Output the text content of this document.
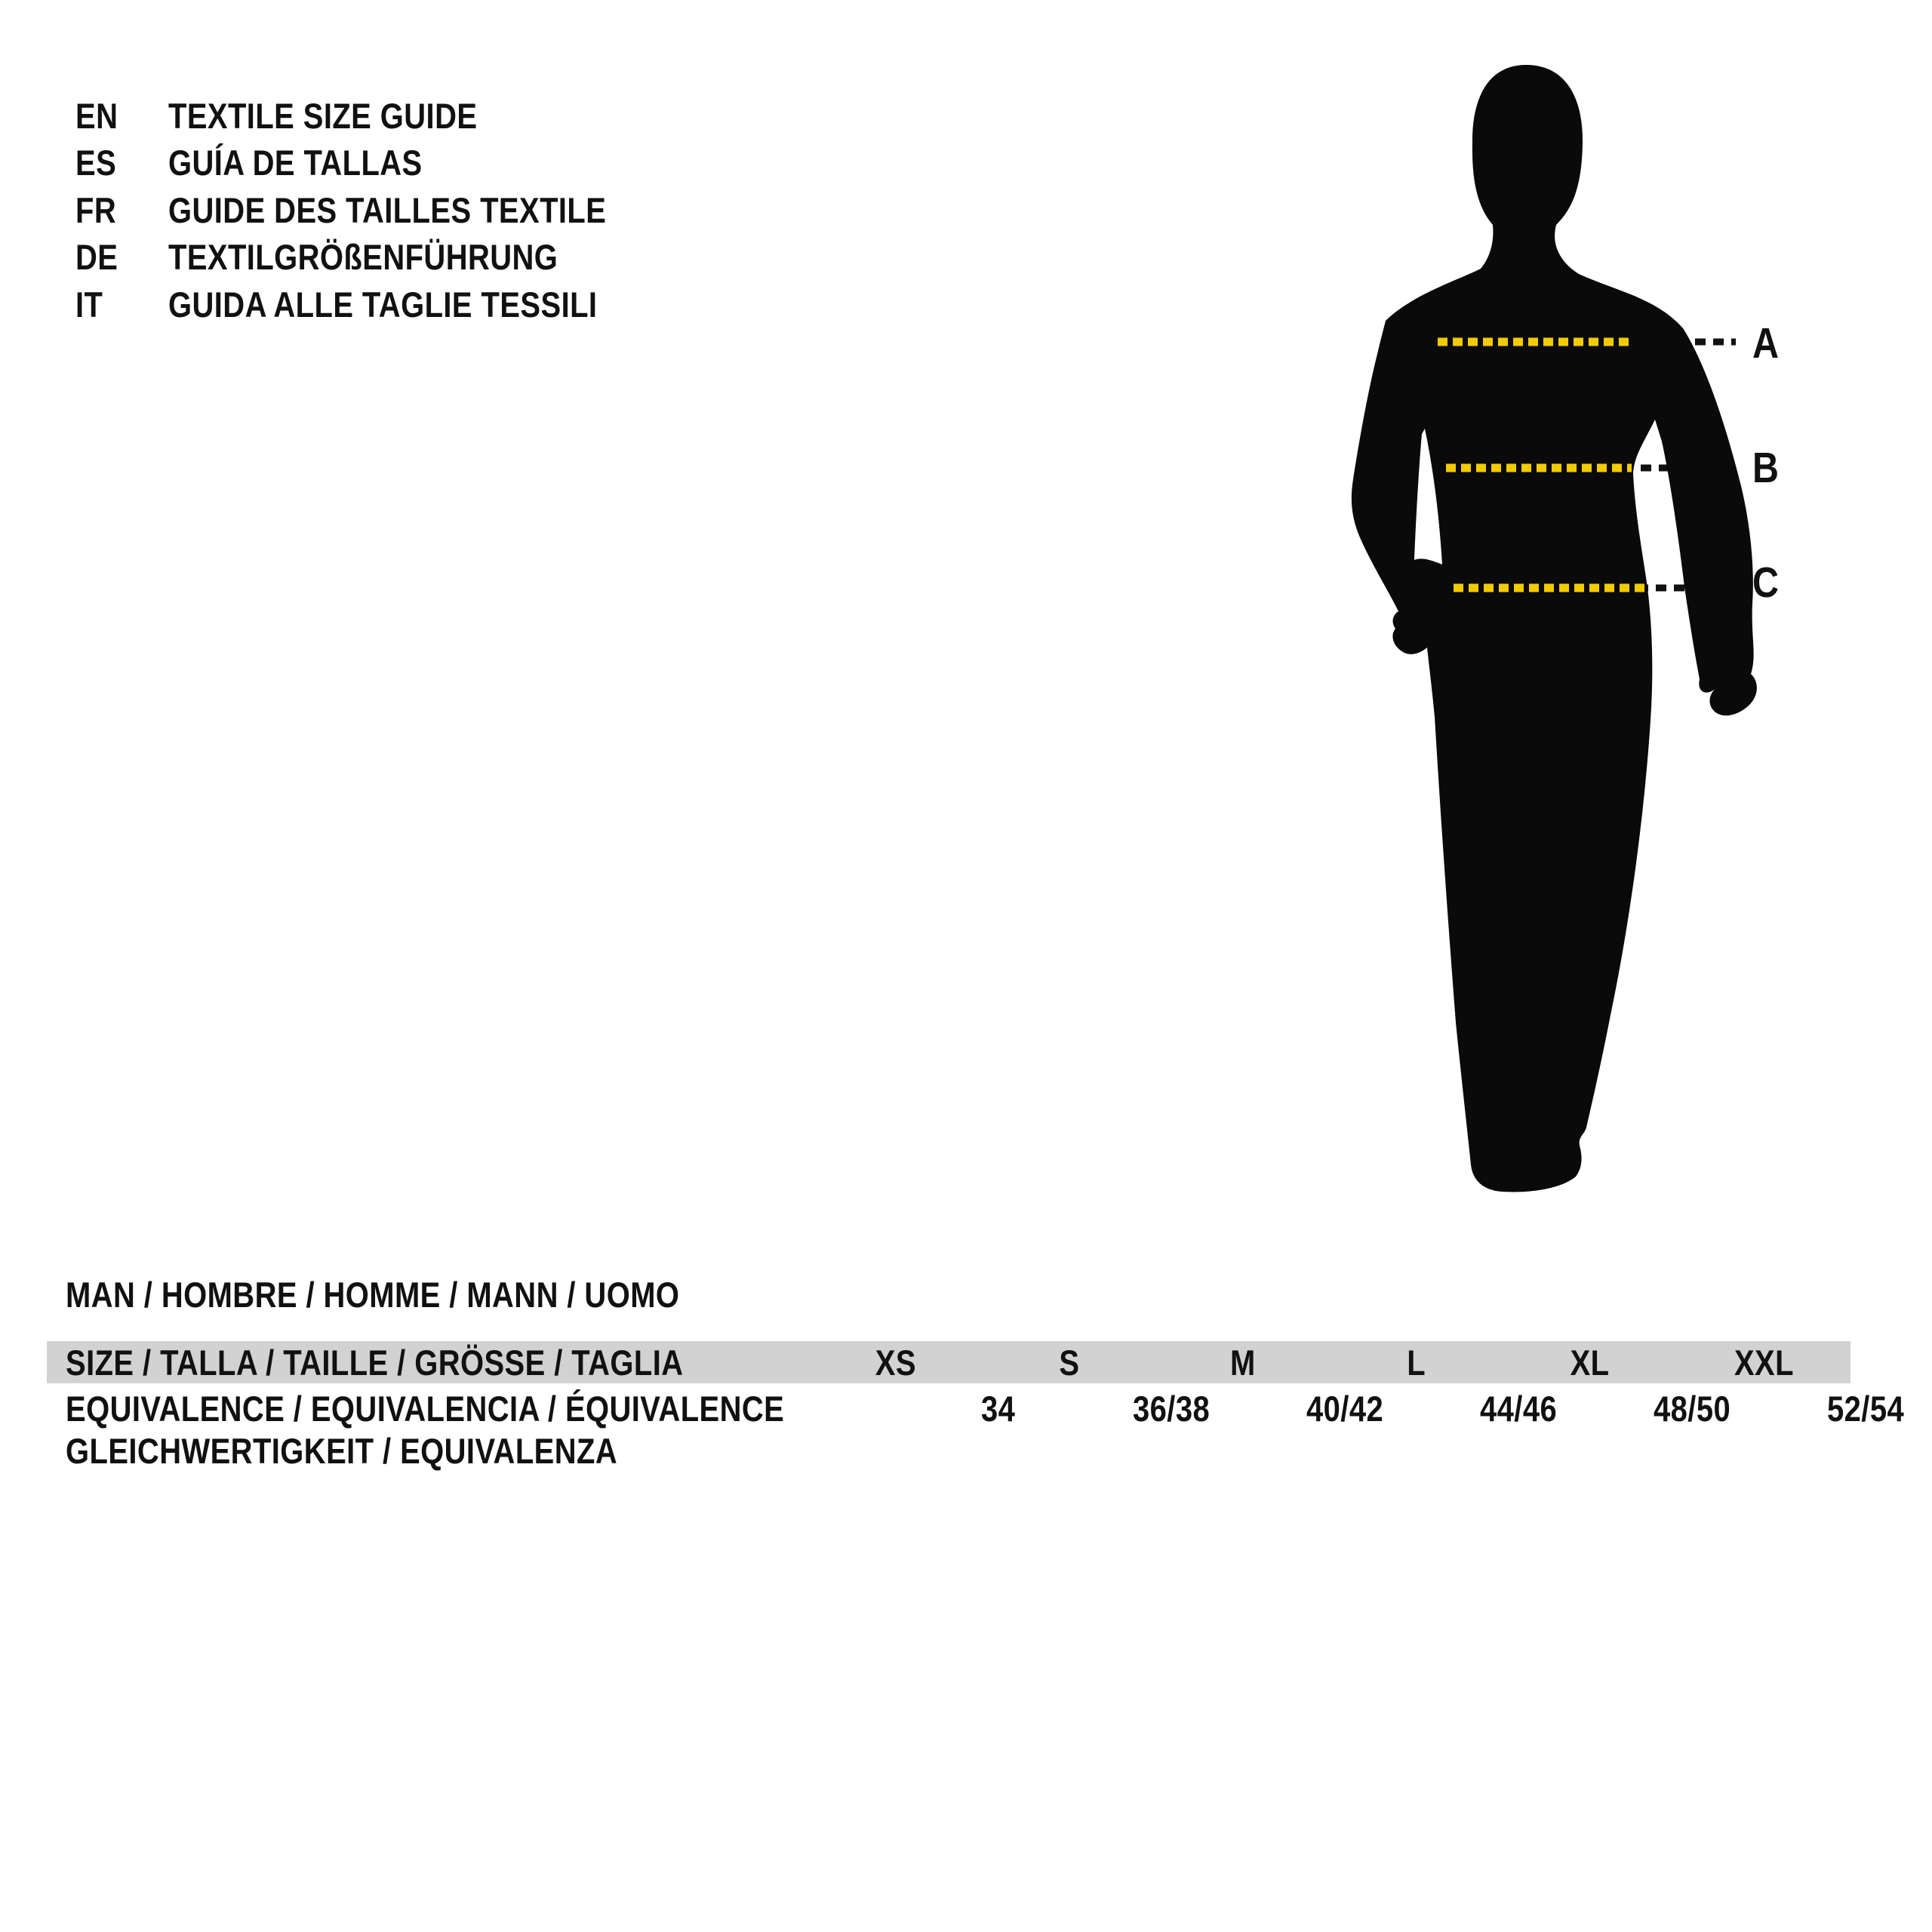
EN	TEXTILE SIZE GUIDE
ES	GUÍA DE TALLAS
FR	GUIDE DES TAILLES TEXTILE
DE	TEXTILGRÖßENFÜHRUNG
IT	GUIDA ALLE TAGLIE TESSILI
A
B
C
MAN / HOMBRE / HOMME / MANN / UOMO
SIZE / TALLA / TAILLE / GRÖSSE / TAGLIA	XS	S	M	L	XL	XXL
EQUIVALENCE / EQUIVALENCIA / ÉQUIVALENCE	34	36/38	40/42	44/46	48/50	52/54
GLEICHWERTIGKEIT / EQUIVALENZA
